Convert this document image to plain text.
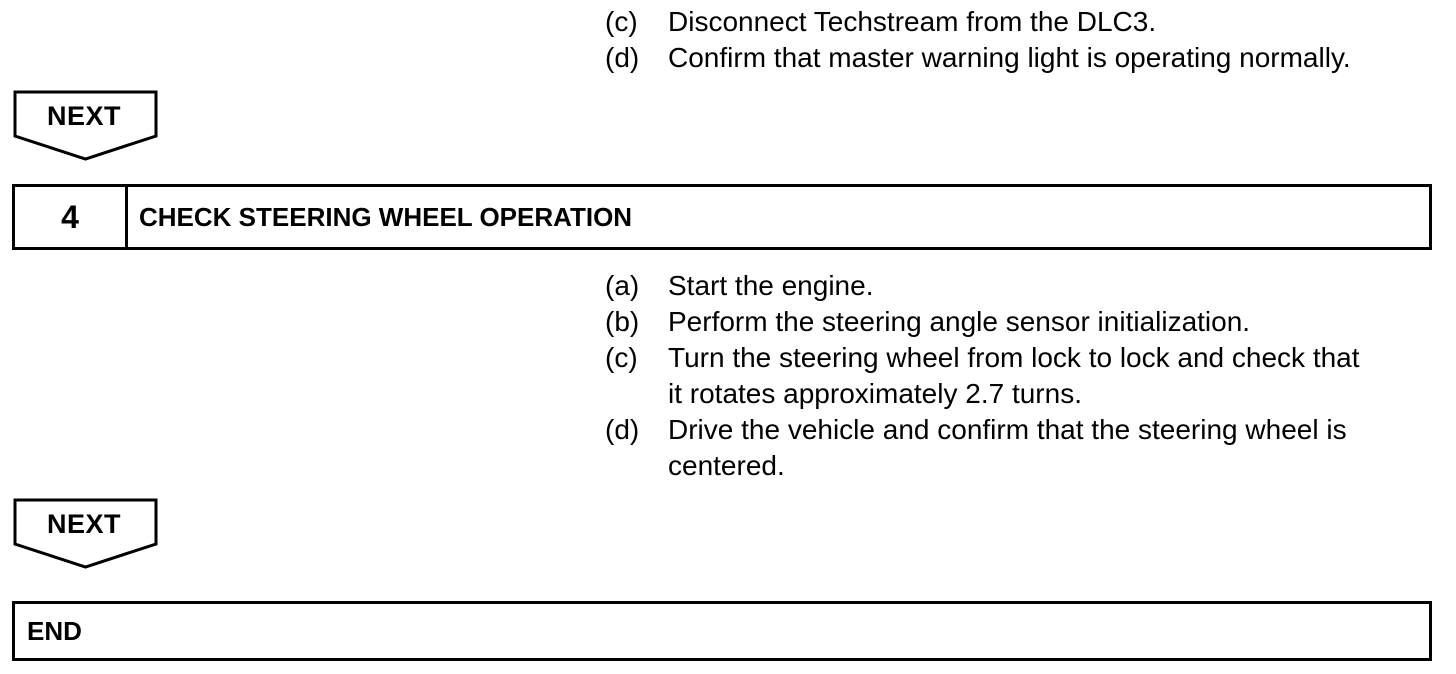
(c)	Disconnect Techstream from the DLC3.
(d)	Confirm that master warning light is operating normally.
NEXT
4	CHECK STEERING WHEEL OPERATION
(a)	Start the engine.
(b)	Perform the steering angle sensor initialization.
(c)	Turn the steering wheel from lock to lock and check that
it rotates approximately 2.7 turns.
(d)	Drive the vehicle and confirm that the steering wheel is
centered.
NEXT
END
